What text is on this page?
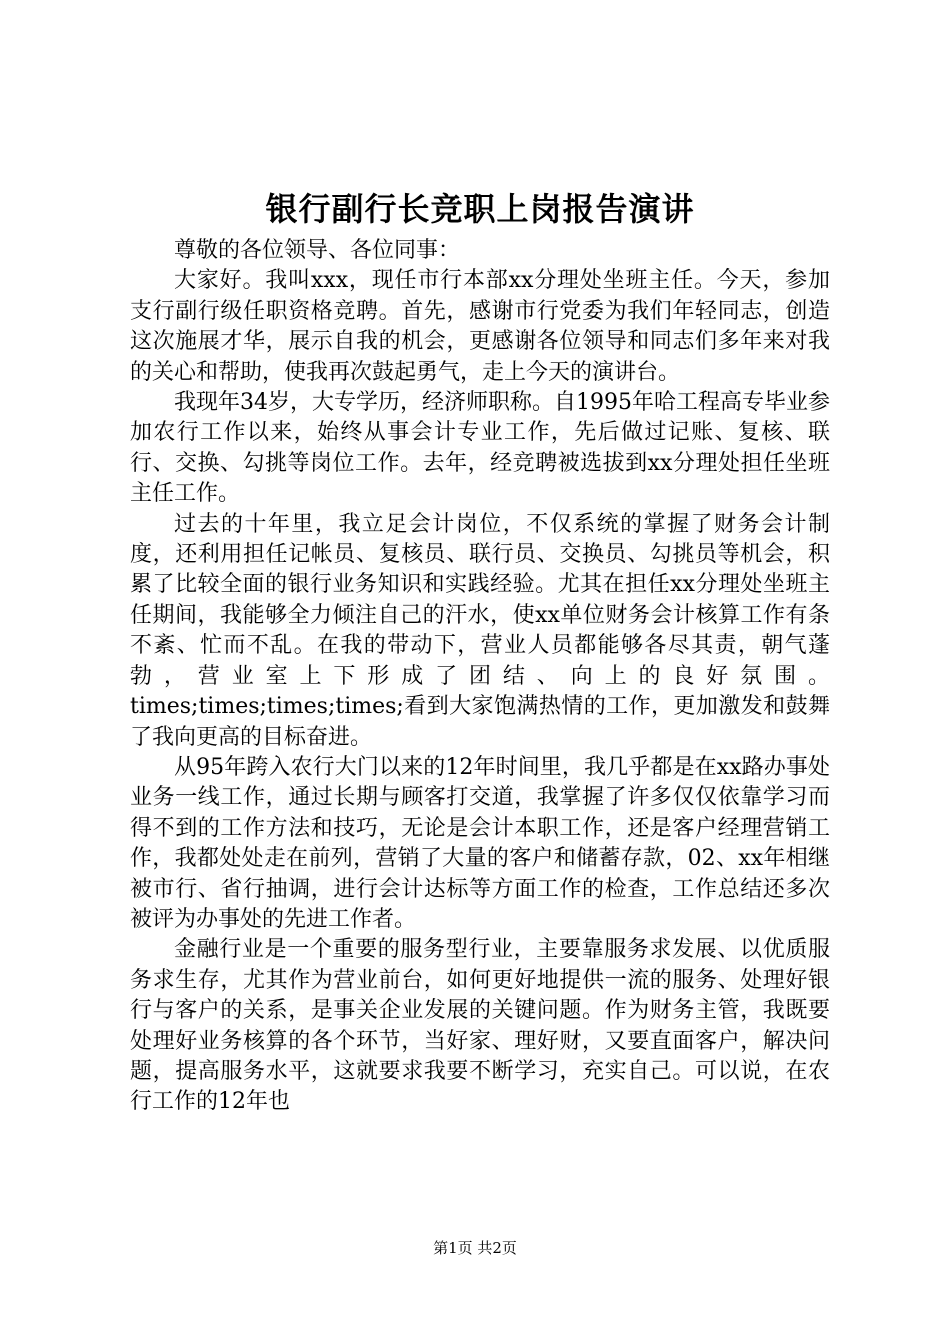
银行副行长竞职上岗报告演讲

尊敬的各位领导、各位同事：

大家好。我叫xxx，现任市行本部xx分理处坐班主任。今天，参加支行副行级任职资格竞聘。首先，感谢市行党委为我们年轻同志，创造这次施展才华，展示自我的机会，更感谢各位领导和同志们多年来对我的关心和帮助，使我再次鼓起勇气，走上今天的演讲台。

我现年34岁，大专学历，经济师职称。自1995年哈工程高专毕业参加农行工作以来，始终从事会计专业工作，先后做过记账、复核、联行、交换、勾挑等岗位工作。去年，经竞聘被选拔到xx分理处担任坐班主任工作。

过去的十年里，我立足会计岗位，不仅系统的掌握了财务会计制度，还利用担任记帐员、复核员、联行员、交换员、勾挑员等机会，积累了比较全面的银行业务知识和实践经验。尤其在担任xx分理处坐班主任期间，我能够全力倾注自己的汗水，使xx单位财务会计核算工作有条不紊、忙而不乱。在我的带动下，营业人员都能够各尽其责，朝气蓬勃，营业室上下形成了团结、向上的良好氛围。times;times;times;times;看到大家饱满热情的工作，更加激发和鼓舞了我向更高的目标奋进。

从95年跨入农行大门以来的12年时间里，我几乎都是在xx路办事处业务一线工作，通过长期与顾客打交道，我掌握了许多仅仅依靠学习而得不到的工作方法和技巧，无论是会计本职工作，还是客户经理营销工作，我都处处走在前列，营销了大量的客户和储蓄存款，02、xx年相继被市行、省行抽调，进行会计达标等方面工作的检查，工作总结还多次被评为办事处的先进工作者。

金融行业是一个重要的服务型行业，主要靠服务求发展、以优质服务求生存，尤其作为营业前台，如何更好地提供一流的服务、处理好银行与客户的关系，是事关企业发展的关键问题。作为财务主管，我既要处理好业务核算的各个环节，当好家、理好财，又要直面客户，解决问题，提高服务水平，这就要求我要不断学习，充实自己。可以说，在农行工作的12年也

第1页 共2页
